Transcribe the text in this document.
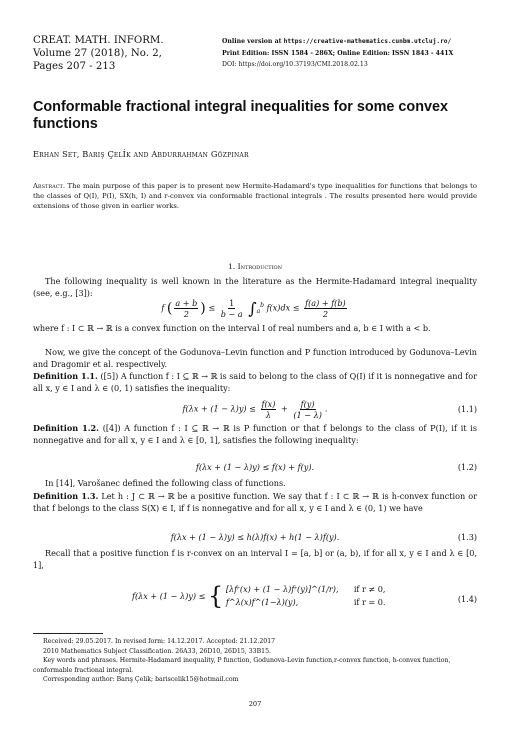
CREAT. MATH. INFORM.
Volume 27 (2018), No. 2,
Pages 207 - 213
Online version at https://creative-mathematics.cunbm.utcluj.ro/
Print Edition: ISSN 1584 - 286X; Online Edition: ISSN 1843 - 441X
DOI: https://doi.org/10.37193/CMI.2018.02.13
Conformable fractional integral inequalities for some convex functions
Erhan Set, Barış Çelİk and Abdurrahman Gözpinar
Abstract. The main purpose of this paper is to present new Hermite-Hadamard's type inequalities for functions that belongs to the classes of Q(I), P(I), SX(h, I) and r-convex via conformable fractional integrals . The results presented here would provide extensions of those given in earlier works.
1. Introduction
The following inequality is well known in the literature as the Hermite-Hadamard integral inequality (see, e.g., [3]):
f ( $\frac{a + b}{2}$ ) ≤ $\frac{1}{b - a} \int_a^b$ $f(x)dx \le \frac{f(a) + f(b)}{2}$
where f : I ⊂ ℝ → ℝ is a convex function on the interval I of real numbers and a, b ∈ I with a < b.
Now, we give the concept of the Godunova–Levin function and P function introduced by Godunova–Levin and Dragomir et al. respectively.
Definition 1.1. ([5]) A function f : I ⊆ ℝ → ℝ is said to belong to the class of Q(I) if it is nonnegative and for all x, y ∈ I and λ ∈ (0, 1) satisfies the inequality:
$f(\lambda x + (1 - \lambda)y) \le \frac{f(x)}{\lambda} + \frac{f(y)}{(1 - \lambda)}$ .	(1.1)
Definition 1.2. ([4]) A function f : I ⊆ ℝ → ℝ is P function or that f belongs to the class of P(I), if it is nonnegative and for all x, y ∈ I and λ ∈ [0, 1], satisfies the following inequality:
f(λx + (1 − λ)y) ≤ f(x) + f(y).	(1.2)
In [14], Varošanec defined the following class of functions.
Definition 1.3. Let h : J ⊂ ℝ → ℝ be a positive function. We say that f : I ⊂ ℝ → ℝ is h-convex function or that f belongs to the class S(X) ∈ I, if f is nonnegative and for all x, y ∈ I and λ ∈ (0, 1) we have
f(λx + (1 − λ)y) ≤ h(λ)f(x) + h(1 − λ)f(y).	(1.3)
Recall that a positive function f is r-convex on an interval I = [a, b] or (a, b), if for all x, y ∈ I and λ ∈ [0, 1],
f(λx + (1 − λ)y) ≤ { [λfʳ(x) + (1 − λ)fʳ(y)]^(1/r), if r ≠ 0,
f^λ(x)f^(1−λ)(y),	if r = 0.	(1.4)
Received: 29.05.2017. In revised form: 14.12.2017. Accepted: 21.12.2017
2010 Mathematics Subject Classification. 26A33, 26D10, 26D15, 33B15.
Key words and phrases. Hermite-Hadamard inequality, P function, Godunova-Levin function,r-convex function, h-convex function, conformable fractional integral.
Corresponding author: Barış Çelik; bariscelik15@hotmail.com
207
